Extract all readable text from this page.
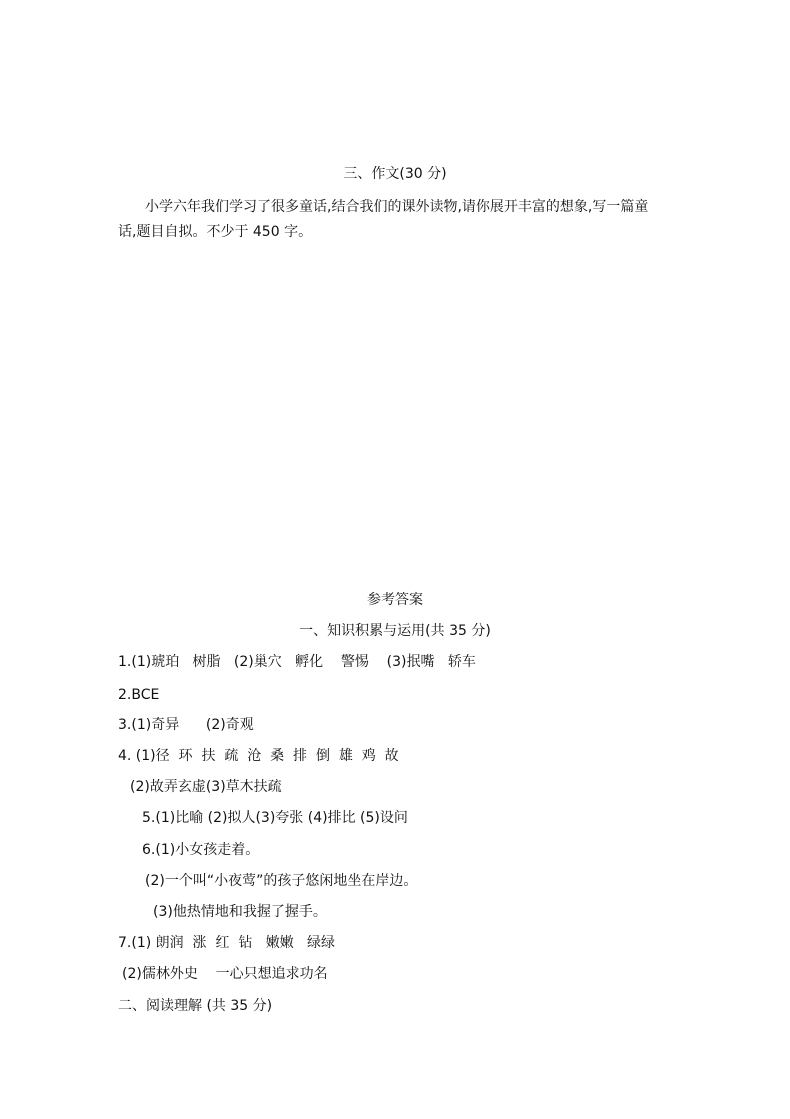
三、作文(30 分)
小学六年我们学习了很多童话,结合我们的课外读物,请你展开丰富的想象,写一篇童
话,题目自拟。不少于 450 字。
参考答案
一、知识积累与运用(共 35 分)
1.(1)琥珀   树脂   (2)巢穴   孵化    警惕    (3)抿嘴   轿车
2.BCE
3.(1)奇异      (2)奇观
4. (1)径  环  扶  疏  沧  桑  排  倒  雄  鸡  故
(2)故弄玄虚(3)草木扶疏
5.(1)比喻 (2)拟人(3)夸张 (4)排比 (5)设问
6.(1)小女孩走着。
(2)一个叫“小夜莺”的孩子悠闲地坐在岸边。
(3)他热情地和我握了握手。
7.(1) 朗润  涨  红  钻   嫩嫩   绿绿
(2)儒林外史    一心只想追求功名
二、阅读理解 (共 35 分)
